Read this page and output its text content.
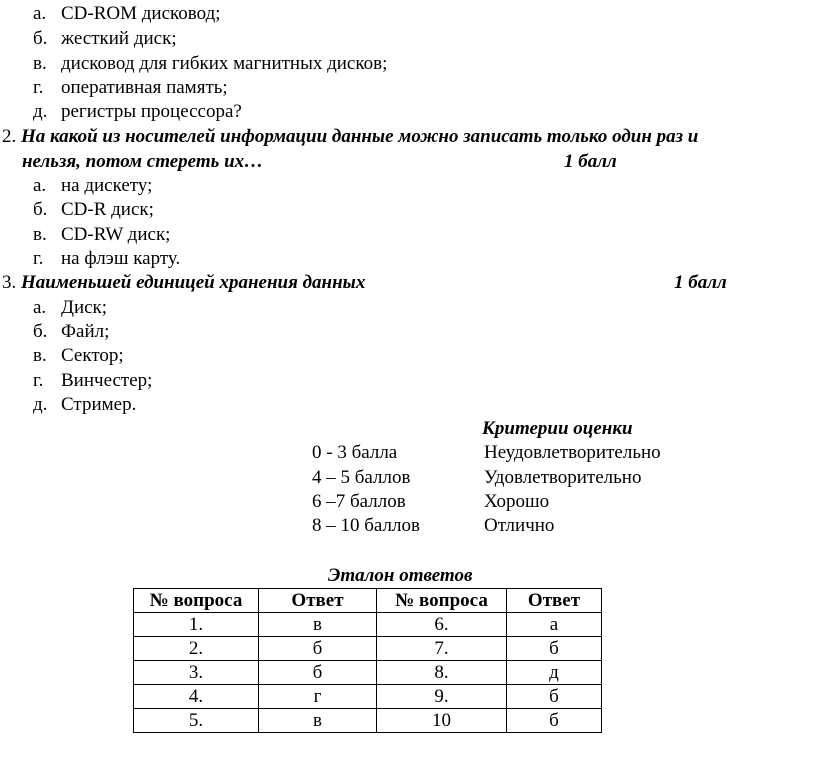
а. CD-ROM дисковод;
б. жесткий диск;
в. дисковод для гибких магнитных дисков;
г. оперативная память;
д. регистры процессора?
2. На какой из носителей информации данные можно записать только один раз и
нельзя, потом стереть их…	1 балл
а. на дискету;
б. CD-R диск;
в. CD-RW диск;
г. на флэш карту.
3. Наименьшей единицей хранения данных	1 балл
а. Диск;
б. Файл;
в. Сектор;
г. Винчестер;
д. Стример.
Критерии оценки
0 - 3 балла	Неудовлетворительно
4 – 5 баллов	Удовлетворительно
6 –7 баллов	Хорошо
8 – 10 баллов	Отлично
Эталон ответов
№ вопроса	Ответ	№ вопроса	Ответ
1.	в	6.	а
2.	б	7.	б
3.	б	8.	д
4.	г	9.	б
5.	в	10	б
